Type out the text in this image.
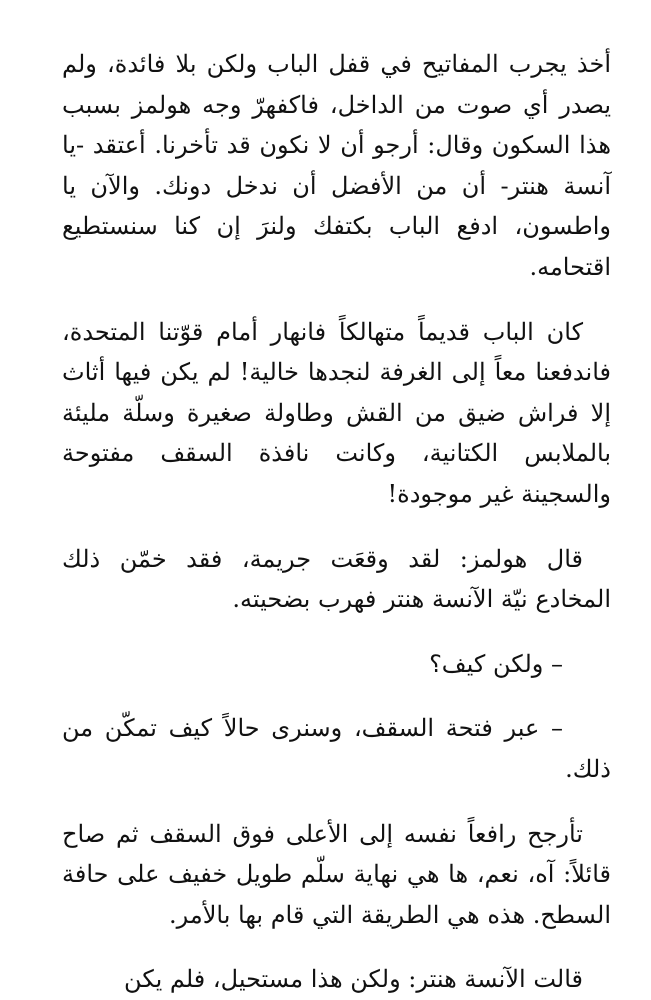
أخذ يجرب المفاتيح في قفل الباب ولكن بلا فائدة، ولم يصدر أي صوت من الداخل، فاكفهرّ وجه هولمز بسبب هذا السكون وقال: أرجو أن لا نكون قد تأخرنا. أعتقد -يا آنسة هنتر- أن من الأفضل أن ندخل دونك. والآن يا واطسون، ادفع الباب بكتفك ولنرَ إن كنا سنستطيع اقتحامه.

كان الباب قديماً متهالكاً فانهار أمام قوّتنا المتحدة، فاندفعنا معاً إلى الغرفة لنجدها خالية! لم يكن فيها أثاث إلا فراش ضيق من القش وطاولة صغيرة وسلّة مليئة بالملابس الكتانية، وكانت نافذة السقف مفتوحة والسجينة غير موجودة!

قال هولمز: لقد وقعَت جريمة، فقد خمّن ذلك المخادع نيّة الآنسة هنتر فهرب بضحيته.

– ولكن كيف؟

– عبر فتحة السقف، وسنرى حالاً كيف تمكّن من ذلك.

تأرجح رافعاً نفسه إلى الأعلى فوق السقف ثم صاح قائلاً: آه، نعم، ها هي نهاية سلّم طويل خفيف على حافة السطح. هذه هي الطريقة التي قام بها بالأمر.

قالت الآنسة هنتر: ولكن هذا مستحيل، فلم يكن
